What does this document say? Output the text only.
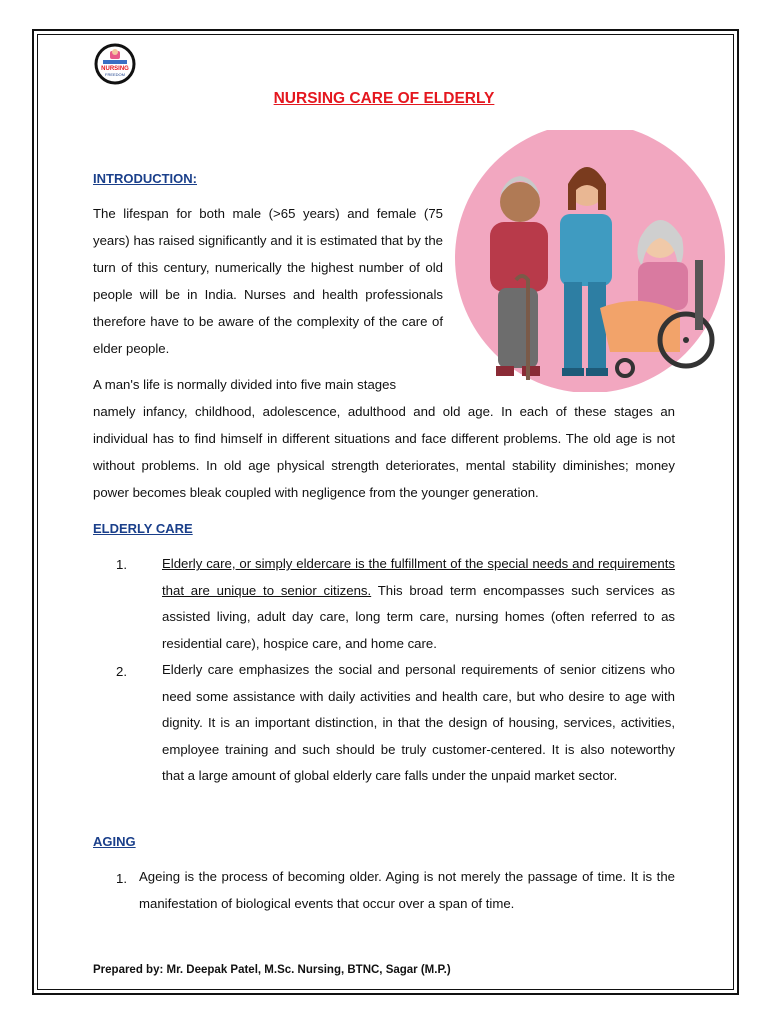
NURSING
FREEDOM
NURSING CARE OF ELDERLY
INTRODUCTION:
The lifespan for both male (>65 years) and female (75 years) has raised significantly and it is estimated that by the turn of this century, numerically the highest number of old people will be in India. Nurses and health professionals therefore have to be aware of the complexity of the care of elder people.
A man's life is normally divided into five main stages
namely infancy, childhood, adolescence, adulthood and old age. In each of these stages an individual has to find himself in different situations and face different problems. The old age is not without problems. In old age physical strength deteriorates, mental stability diminishes; money power becomes bleak coupled with negligence from the younger generation.
ELDERLY CARE
1.	Elderly care, or simply eldercare is the fulfillment of the special needs and requirements that are unique to senior citizens. This broad term encompasses such services as assisted living, adult day care, long term care, nursing homes (often referred to as residential care), hospice care, and home care.
2.	Elderly care emphasizes the social and personal requirements of senior citizens who need some assistance with daily activities and health care, but who desire to age with dignity. It is an important distinction, in that the design of housing, services, activities, employee training and such should be truly customer-centered. It is also noteworthy that a large amount of global elderly care falls under the unpaid market sector.
AGING
1. Ageing is the process of becoming older. Aging is not merely the passage of time. It is the manifestation of biological events that occur over a span of time.
Prepared by: Mr. Deepak Patel, M.Sc. Nursing, BTNC, Sagar (M.P.)
